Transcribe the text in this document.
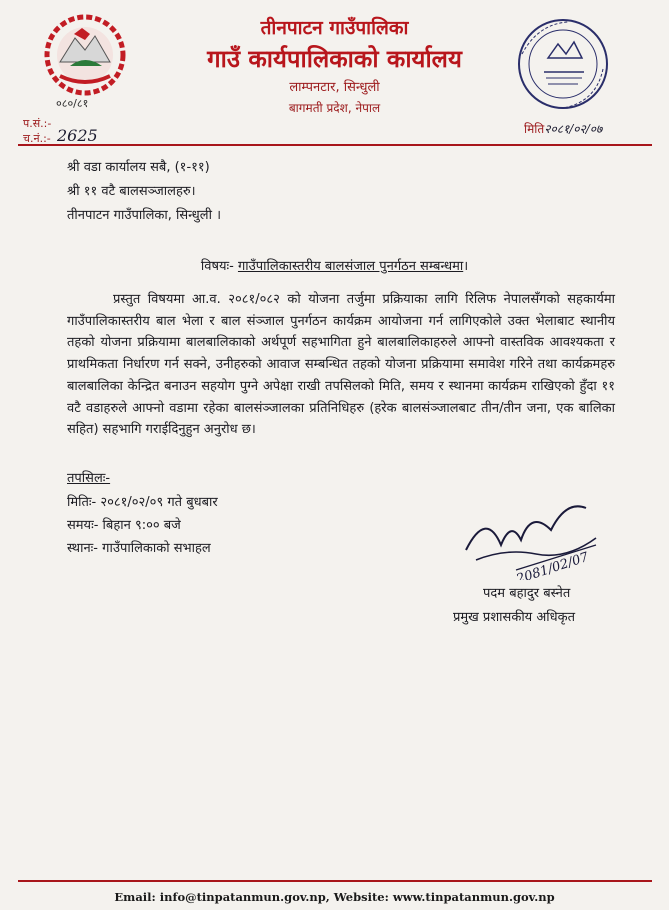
०८०/८१
तीनपाटन गाउँपालिका
गाउँ कार्यपालिकाको कार्यालय
लाम्पनटार, सिन्धुली
बागमती प्रदेश, नेपाल
प.सं.:-
च.नं.:- 2625	मिति२०८१/०२/०७
श्री वडा कार्यालय सबै, (१-११)
श्री ११ वटै बालसञ्जालहरु।
तीनपाटन गाउँपालिका, सिन्धुली ।
विषयः- गाउँपालिकास्तरीय बालसंजाल पुनर्गठन सम्बन्धमा।
प्रस्तुत विषयमा आ.व. २०८१/०८२ को योजना तर्जुमा प्रक्रियाका लागि रिलिफ नेपालसँगको सहकार्यमा गाउँपालिकास्तरीय बाल भेला र बाल संञ्जाल पुनर्गठन कार्यक्रम आयोजना गर्न लागिएकोले उक्त भेलाबाट स्थानीय तहको योजना प्रक्रियामा बालबालिकाको अर्थपूर्ण सहभागिता हुने बालबालिकाहरुले आफ्नो वास्तविक आवश्यकता र प्राथमिकता निर्धारण गर्न सक्ने, उनीहरुको आवाज सम्बन्धित तहको योजना प्रक्रियामा समावेश गरिने तथा कार्यक्रमहरु बालबालिका केन्द्रित बनाउन सहयोग पुग्ने अपेक्षा राखी तपसिलको मिति, समय र स्थानमा कार्यक्रम राखिएको हुँदा ११ वटै वडाहरुले आफ्नो वडामा रहेका बालसंञ्जालका प्रतिनिधिहरु (हरेक बालसंञ्जालबाट तीन/तीन जना, एक बालिका सहित) सहभागि गराईदिनुहुन अनुरोध छ।
तपसिलः-
मितिः- २०८१/०२/०९ गते बुधबार
समयः- बिहान ९:०० बजे
स्थानः- गाउँपालिकाको सभाहल
2081/02/07
पदम बहादुर बस्नेत
प्रमुख प्रशासकीय अधिकृत
Email: info@tinpatanmun.gov.np, Website: www.tinpatanmun.gov.np
